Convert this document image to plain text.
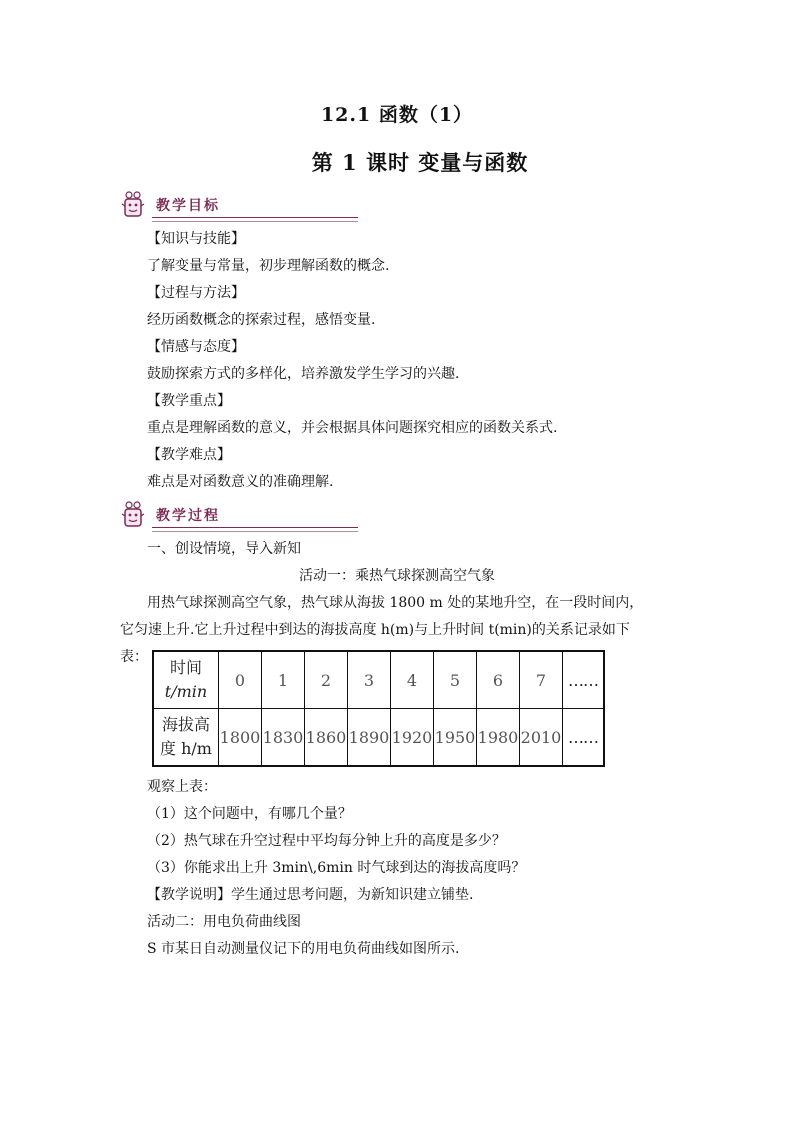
12.1 函数（1）
第 1 课时 变量与函数
教学目标
【知识与技能】
了解变量与常量，初步理解函数的概念.
【过程与方法】
经历函数概念的探索过程，感悟变量.
【情感与态度】
鼓励探索方式的多样化，培养激发学生学习的兴趣.
【教学重点】
重点是理解函数的意义，并会根据具体问题探究相应的函数关系式.
【教学难点】
难点是对函数意义的准确理解.
教学过程
一、创设情境，导入新知
活动一：乘热气球探测高空气象
用热气球探测高空气象，热气球从海拔 1800 m 处的某地升空，在一段时间内，它匀速上升.它上升过程中到达的海拔高度 h(m)与上升时间 t(min)的关系记录如下表：
时间
t/min	0	1	2	3	4	5	6	7	……

海拔高
度 h/m	1800	1830	1860	1890	1920	1950	1980	2010	……
观察上表：
（1）这个问题中，有哪几个量？
（2）热气球在升空过程中平均每分钟上升的高度是多少？
（3）你能求出上升 3min\,6min 时气球到达的海拔高度吗？
【教学说明】学生通过思考问题，为新知识建立铺垫.
活动二：用电负荷曲线图
S 市某日自动测量仪记下的用电负荷曲线如图所示.
